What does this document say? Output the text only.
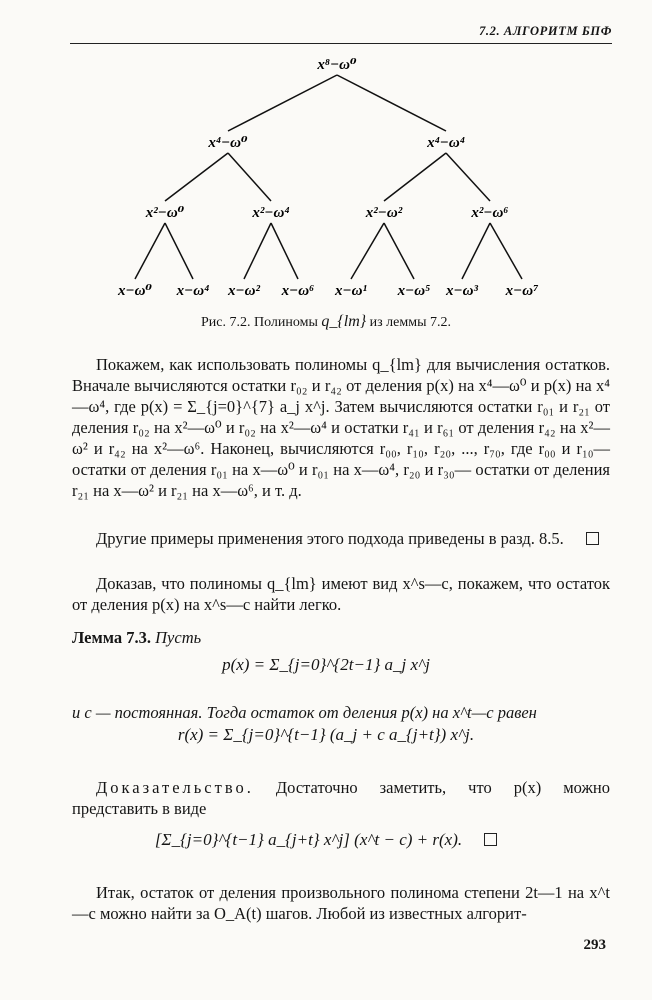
7.2. АЛГОРИТМ БПФ
x⁸−ω⁰
x⁴−ω⁰	x⁴−ω⁴
x²−ω⁰	x²−ω⁴	x²−ω²	x²−ω⁶
x−ω⁰ x−ω⁴ x−ω² x−ω⁶ x−ω¹ x−ω⁵ x−ω³ x−ω⁷
Рис. 7.2. Полиномы q_{lm} из леммы 7.2.
Покажем, как использовать полиномы q_{lm} для вычисления остатков. Вначале вычисляются остатки r₀₂ и r₄₂ от деления p(x) на x⁴—ω⁰ и p(x) на x⁴—ω⁴, где p(x) = Σ_{j=0}^{7} a_j x^j. Затем вычисляются остатки r₀₁ и r₂₁ от деления r₀₂ на x²—ω⁰ и r₀₂ на x²—ω⁴ и остатки r₄₁ и r₆₁ от деления r₄₂ на x²—ω² и r₄₂ на x²—ω⁶. Наконец, вычисляются r₀₀, r₁₀, r₂₀, ..., r₇₀, где r₀₀ и r₁₀— остатки от деления r₀₁ на x—ω⁰ и r₀₁ на x—ω⁴, r₂₀ и r₃₀— остатки от деления r₂₁ на x—ω² и r₂₁ на x—ω⁶, и т. д.
Другие примеры применения этого подхода приведены в разд. 8.5.
Доказав, что полиномы q_{lm} имеют вид x^s—c, покажем, что остаток от деления p(x) на x^s—c найти легко.
Лемма 7.3. Пусть
p(x) = Σ_{j=0}^{2t−1} a_j x^j
и c — постоянная. Тогда остаток от деления p(x) на x^t—c равен
r(x) = Σ_{j=0}^{t−1} (a_j + c a_{j+t}) x^j.
Доказательство. Достаточно заметить, что p(x) можно представить в виде
[Σ_{j=0}^{t−1} a_{j+t} x^j] (x^t − c) + r(x).
Итак, остаток от деления произвольного полинома степени 2t—1 на x^t—c можно найти за O_A(t) шагов. Любой из известных алгорит-
293
